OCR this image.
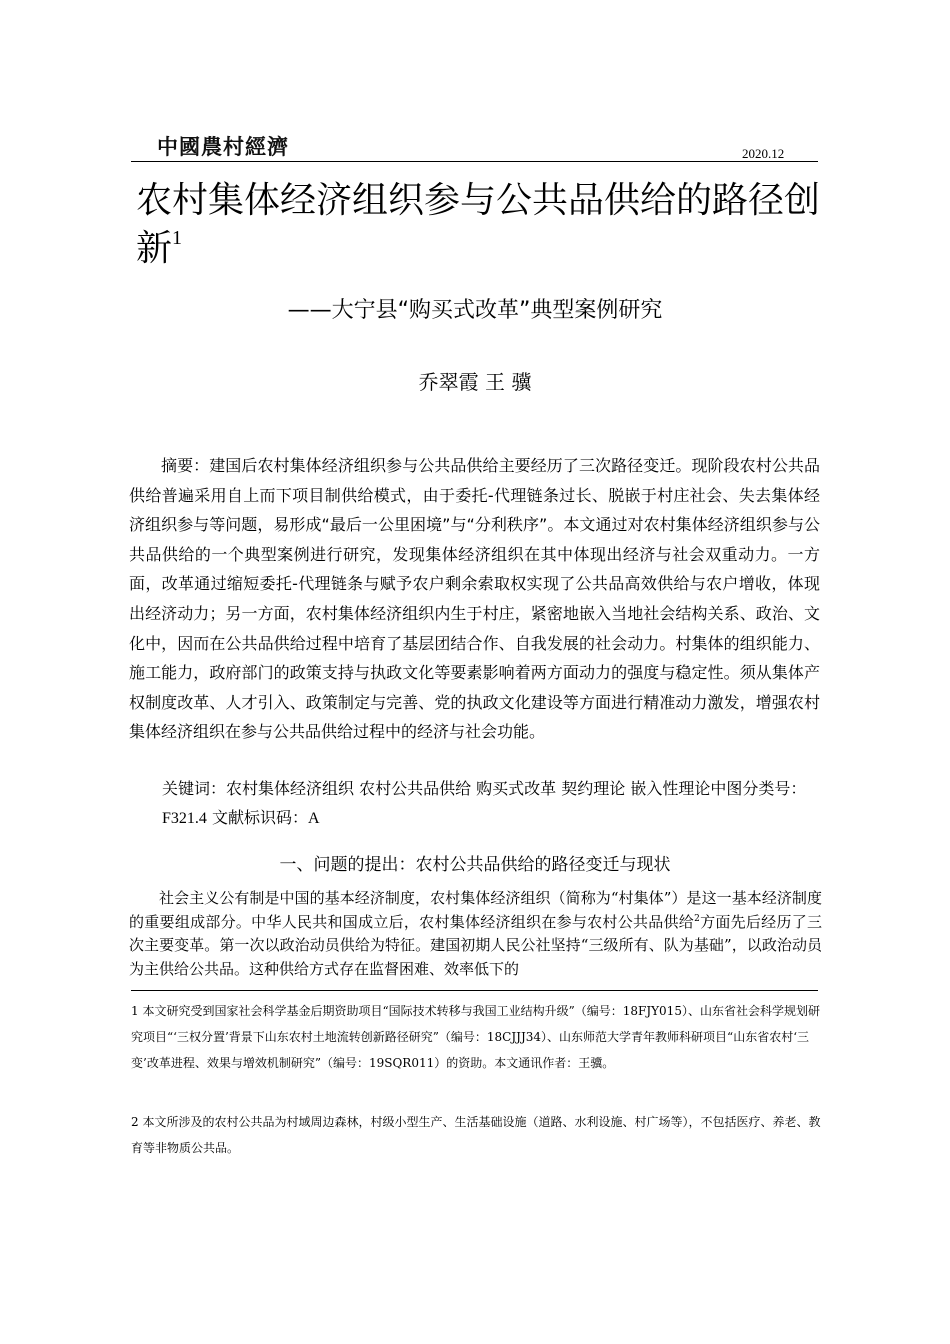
中國農村經濟	2020.12
农村集体经济组织参与公共品供给的路径创新$^1$
——大宁县“购买式改革”典型案例研究
乔翠霞 王 骥

摘要：建国后农村集体经济组织参与公共品供给主要经历了三次路径变迁。现阶段农村公共品供给普遍采用自上而下项目制供给模式，由于委托-代理链条过长、脱嵌于村庄社会、失去集体经济组织参与等问题，易形成“最后一公里困境”与“分利秩序”。本文通过对农村集体经济组织参与公共品供给的一个典型案例进行研究，发现集体经济组织在其中体现出经济与社会双重动力。一方面，改革通过缩短委托-代理链条与赋予农户剩余索取权实现了公共品高效供给与农户增收，体现出经济动力；另一方面，农村集体经济组织内生于村庄，紧密地嵌入当地社会结构关系、政治、文化中，因而在公共品供给过程中培育了基层团结合作、自我发展的社会动力。村集体的组织能力、施工能力，政府部门的政策支持与执政文化等要素影响着两方面动力的强度与稳定性。须从集体产权制度改革、人才引入、政策制定与完善、党的执政文化建设等方面进行精准动力激发，增强农村集体经济组织在参与公共品供给过程中的经济与社会功能。

关键词：农村集体经济组织 农村公共品供给 购买式改革 契约理论 嵌入性理论中图分类号：
F321.4 文献标识码：A

一、问题的提出：农村公共品供给的路径变迁与现状

社会主义公有制是中国的基本经济制度，农村集体经济组织（简称为“村集体”）是这一基本经济制度的重要组成部分。中华人民共和国成立后，农村集体经济组织在参与农村公共品供给$^2$方面先后经历了三次主要变革。第一次以政治动员供给为特征。建国初期人民公社坚持“三级所有、队为基础”，以政治动员为主供给公共品。这种供给方式存在监督困难、效率低下的

1 本文研究受到国家社会科学基金后期资助项目“国际技术转移与我国工业结构升级”（编号：18FJY015）、山东省社会科学规划研究项目“‘三权分置’背景下山东农村土地流转创新路径研究”（编号：18CJJJ34）、山东师范大学青年教师科研项目“山东省农村‘三变’改革进程、效果与增效机制研究”（编号：19SQR011）的资助。本文通讯作者：王骥。

2 本文所涉及的农村公共品为村域周边森林，村级小型生产、生活基础设施（道路、水利设施、村广场等），不包括医疗、养老、教育等非物质公共品。
